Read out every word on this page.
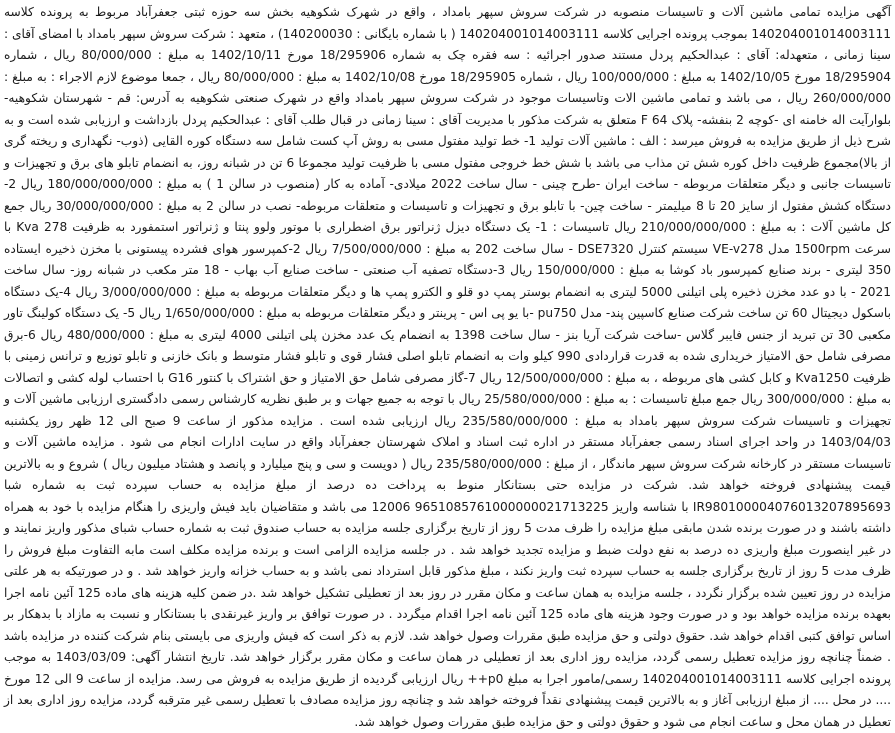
آگهی مزایده تمامی ماشین آلات و تاسیسات منصوبه در شرکت سروش سپهر بامداد ، واقع در شهرک شکوهیه بخش سه حوزه ثبتی جعفرآباد مربوط به پرونده کلاسه 140204001014003111 بموجب پرونده اجرایی کلاسه 140204001014003111 ( با شماره بایگانی : 140200030) ، متعهد : شرکت سروش سپهر بامداد با امضای آقای : سینا زمانی ، متعهدله: آقای : عبدالحکیم پردل مستند صدور اجرائیه : سه فقره چک به شماره 18/295906 مورخ 1402/10/11 به مبلغ : 80/000/000 ریال ، شماره 18/295904 مورخ 1402/10/05 به مبلغ : 100/000/000 ریال ، شماره 18/295905 مورخ 1402/10/08 به مبلغ : 80/000/000 ریال ، جمعا موضوع لازم الاجراء : به مبلغ : 260/000/000 ریال ، می باشد و تمامی ماشین الات وتاسیسات موجود در شرکت سروش سپهر بامداد واقع در شهرک صنعتی شکوهیه به آدرس: قم - شهرستان شکوهیه- بلوارآیت اله خامنه ای -کوچه 2 بنفشه- پلاک F 64 متعلق به شرکت مذکور با مدیریت آقای : سینا زمانی در قبال طلب آقای : عبدالحکیم پردل بازداشت و ارزیابی شده است و به شرح ذیل از طریق مزایده به فروش میرسد : الف : ماشین آلات تولید 1- خط تولید مفتول مسی به روش آپ کست شامل سه دستگاه کوره القایی (ذوب- نگهداری و ریخته گری از بالا)مجموع ظرفیت داخل کوره شش تن مذاب می باشد با شش خط خروجی مفتول مسی با ظرفیت تولید مجموعا 6 تن در شبانه روز، به انضمام تابلو های برق و تجهیزات و تاسیسات جانبی و دیگر متعلقات مربوطه - ساخت ایران -طرح چینی - سال ساخت 2022 میلادی- آماده به کار (منصوب در سالن 1 ) به مبلغ : 180/000/000/000 ریال 2- دستگاه کشش مفتول از سایز 20 تا 8 میلیمتر - ساخت چین- با تابلو برق و تجهیزات و تاسیسات و متعلقات مربوطه- نصب در سالن 2 به مبلغ : 30/000/000/000 ریال جمع کل ماشین آلات : به مبلغ : 210/000/000/000 ریال تاسیسات : 1- یک دستگاه دیزل ژنراتور برق اضطراری با موتور ولوو پنتا و ژنراتور استمفورد به ظرفیت 278 Kva با سرعت 1500rpm مدل VE-v278 سیستم کنترل DSE7320 - سال ساخت 202 به مبلغ : 7/500/000/000 ریال 2-کمپرسور هوای فشرده پیستونی با مخزن ذخیره ایستاده 350 لیتری - برند صنایع کمپرسور باد کوشا به مبلغ : 150/000/000 ریال 3-دستگاه تصفیه آب صنعتی - ساخت صنایع آب بهاب - 18 متر مکعب در شبانه روز- سال ساخت 2021 - با دو عدد مخزن ذخیره پلی اتیلنی 5000 لیتری به انضمام بوستر پمپ دو قلو و الکترو پمپ ها و دیگر متعلقات مربوطه به مبلغ : 3/000/000/000 ریال 4-یک دستگاه باسکول دیجیتال 60 تن ساخت شرکت صنایع کاسپین پند- مدل pu750 -با یو پی اس - پرینتر و دیگر متعلقات مربوطه به مبلغ : 1/650/000/000 ریال 5- یک دستگاه کولینگ تاور مکعبی 30 تن تبرید از جنس فایبر گلاس -ساخت شرکت آریا بنز - سال ساخت 1398 به انضمام یک عدد مخزن پلی اتیلنی 4000 لیتری به مبلغ : 480/000/000 ریال 6-برق مصرفی شامل حق الامتیاز خریداری شده به قدرت قراردادی 990 کیلو وات به انضمام تابلو اصلی فشار قوی و تابلو فشار متوسط و بانک خازنی و تابلو توزیع و ترانس زمینی با ظرفیت Kva1250 و کابل کشی های مربوطه ، به مبلغ : 12/500/000/000 ریال 7-گاز مصرفی شامل حق الامتیاز و حق اشتراک با کنتور G16 با احتساب لوله کشی و اتصالات به مبلغ : 300/000/000 ریال جمع مبلغ تاسیسات : به مبلغ : 25/580/000/000 ریال با توجه به جمیع جهات و بر طبق نظریه کارشناس رسمی دادگستری ارزیابی ماشین آلات و تجهیزات و تاسیسات شرکت سروش سپهر بامداد به مبلغ : 235/580/000/000 ریال ارزیابی شده است . مزایده مذکور از ساعت 9 صبح الی 12 ظهر روز یکشنبه 1403/04/03 در واحد اجرای اسناد رسمی جعفرآباد مستقر در اداره ثبت اسناد و املاک شهرستان جعفرآباد واقع در سایت ادارات انجام می شود . مزایده ماشین آلات و تاسیسات مستقر در کارخانه شرکت سروش سپهر ماندگار ، از مبلغ : 235/580/000/000 ریال ( دویست و سی و پنج میلیارد و پانصد و هشتاد میلیون ریال ) شروع و به بالاترین قیمت پیشنهادی فروخته خواهد شد. شرکت در مزایده حتی بستانکار منوط به پرداخت ده درصد از مبلغ مزایده به حساب سپرده ثبت به شماره شبا IR980100004076013207895693 با شناسه واریز 9651085761000000021713225 12006 می باشد و متقاضیان باید فیش واریزی را هنگام مزایده با خود به همراه داشته باشند و در صورت برنده شدن مابقی مبلغ مزایده را ظرف مدت 5 روز از تاریخ برگزاری جلسه مزایده به حساب صندوق ثبت به شماره حساب شبای مذکور واریز نمایند و در غیر اینصورت مبلغ واریزی ده درصد به نفع دولت ضبط و مزایده تجدید خواهد شد . در جلسه مزایده الزامی است و برنده مزایده مکلف است مابه التفاوت مبلغ فروش را ظرف مدت 5 روز از تاریخ برگزاری جلسه به حساب سپرده ثبت واریز نکند ، مبلغ مذکور قابل استرداد نمی باشد و به حساب خزانه واریز خواهد شد . و در صورتیکه به هر علتی مزایده در روز تعیین شده برگزار نگردد ، جلسه مزایده به همان ساعت و مکان مقرر در روز بعد از تعطیلی تشکیل خواهد شد .در ضمن کلیه هزینه های ماده 125 آئین نامه اجرا بعهده برنده مزایده خواهد بود و در صورت وجود هزینه های ماده 125 آئین نامه اجرا اقدام میگردد . در صورت توافق بر واریز غیرنقدی با بستانکار و نسبت به مازاد با بدهکار بر اساس توافق کتبی اقدام خواهد شد. حقوق دولتی و حق مزایده طبق مقررات وصول خواهد شد. لازم به ذکر است که فیش واریزی می بایستی بنام شرکت کننده در مزایده باشد . ضمناً چنانچه روز مزایده تعطیل رسمی گردد، مزایده روز اداری بعد از تعطیلی در همان ساعت و مکان مقرر برگزار خواهد شد. تاریخ انتشار آگهی: 1403/03/09 به موجب پرونده اجرایی کلاسه 140204001014003111 رسمی/مامور اجرا به مبلغ p0++ ریال ارزیابی گردیده از طریق مزایده به فروش می رسد. مزایده از ساعت 9 الی 12 مورخ .... در محل .... از مبلغ ارزیابی آغاز و به بالاترین قیمت پیشنهادی نقداً فروخته خواهد شد و چنانچه روز مزایده مصادف با تعطیل رسمی غیر مترقبه گردد، مزایده روز اداری بعد از تعطیل در همان محل و ساعت انجام می شود و حقوق دولتی و حق مزایده طبق مقررات وصول خواهد شد.
